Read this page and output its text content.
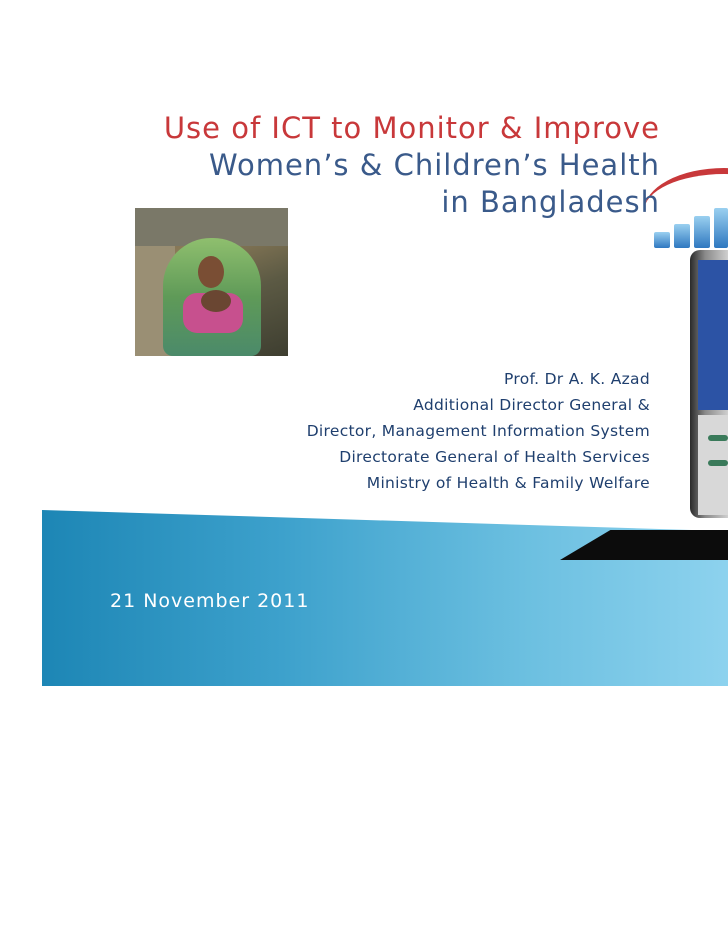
Use of ICT to Monitor & Improve
Women’s & Children’s Health
in Bangladesh
Prof. Dr A. K. Azad
Additional Director General &
Director, Management Information System
Directorate General of Health Services
Ministry of Health & Family Welfare
21 November 2011
